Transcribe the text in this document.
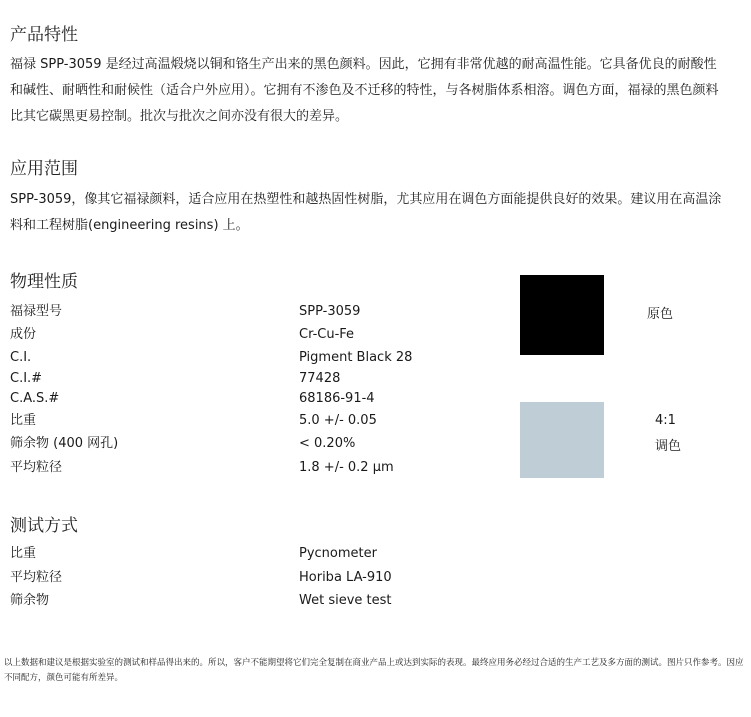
产品特性

福禄 SPP-3059 是经过高温煅烧以铜和铬生产出来的黑色颜料。因此，它拥有非常优越的耐高温性能。它具备优良的耐酸性和碱性、耐晒性和耐候性（适合户外应用）。它拥有不渗色及不迁移的特性，与各树脂体系相溶。调色方面，福禄的黑色颜料比其它碳黑更易控制。批次与批次之间亦没有很大的差异。

应用范围

SPP-3059，像其它福禄颜料，适合应用在热塑性和越热固性树脂，尤其应用在调色方面能提供良好的效果。建议用在高温涂料和工程树脂(engineering resins) 上。

物理性质
福禄型号	SPP-3059
成份	Cr-Cu-Fe
C.I.	Pigment Black 28
C.I.#	77428
C.A.S.#	68186-91-4
比重	5.0 +/- 0.05
筛余物 (400 网孔)	< 0.20%
平均粒径	1.8 +/- 0.2 µm
原色
4:1
调色
测试方式
比重	Pycnometer
平均粒径	Horiba LA-910
筛余物	Wet sieve test

以上数据和建议是根据实验室的测试和样品得出来的。所以，客户不能期望将它们完全复制在商业产品上或达到实际的表现。最终应用务必经过合适的生产工艺及多方面的测试。图片只作参考。因应不同配方，颜色可能有所差异。
